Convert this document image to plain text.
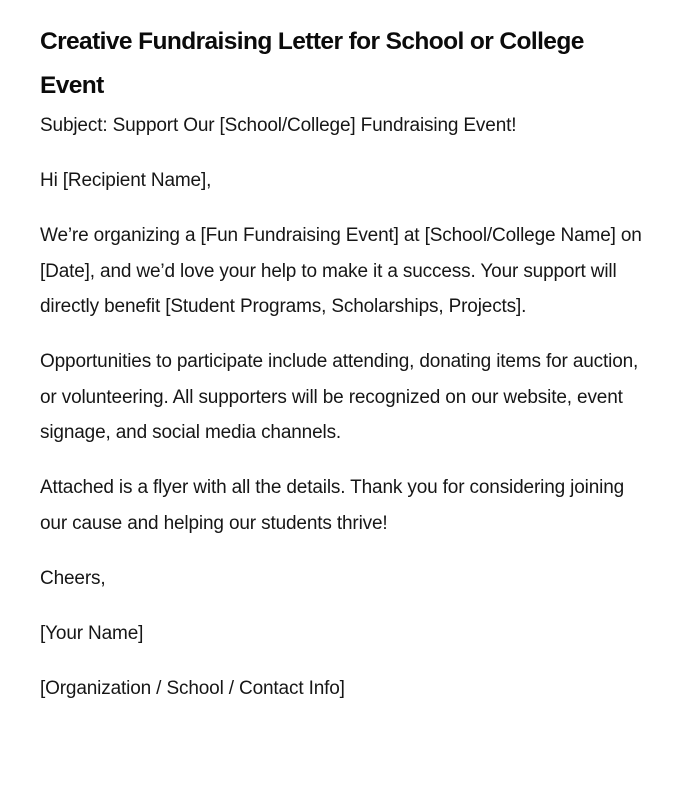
Creative Fundraising Letter for School or College Event

Subject: Support Our [School/College] Fundraising Event!

Hi [Recipient Name],

We’re organizing a [Fun Fundraising Event] at [School/College Name] on [Date], and we’d love your help to make it a success. Your support will directly benefit [Student Programs, Scholarships, Projects].

Opportunities to participate include attending, donating items for auction, or volunteering. All supporters will be recognized on our website, event signage, and social media channels.

Attached is a flyer with all the details. Thank you for considering joining our cause and helping our students thrive!

Cheers,

[Your Name]

[Organization / School / Contact Info]
